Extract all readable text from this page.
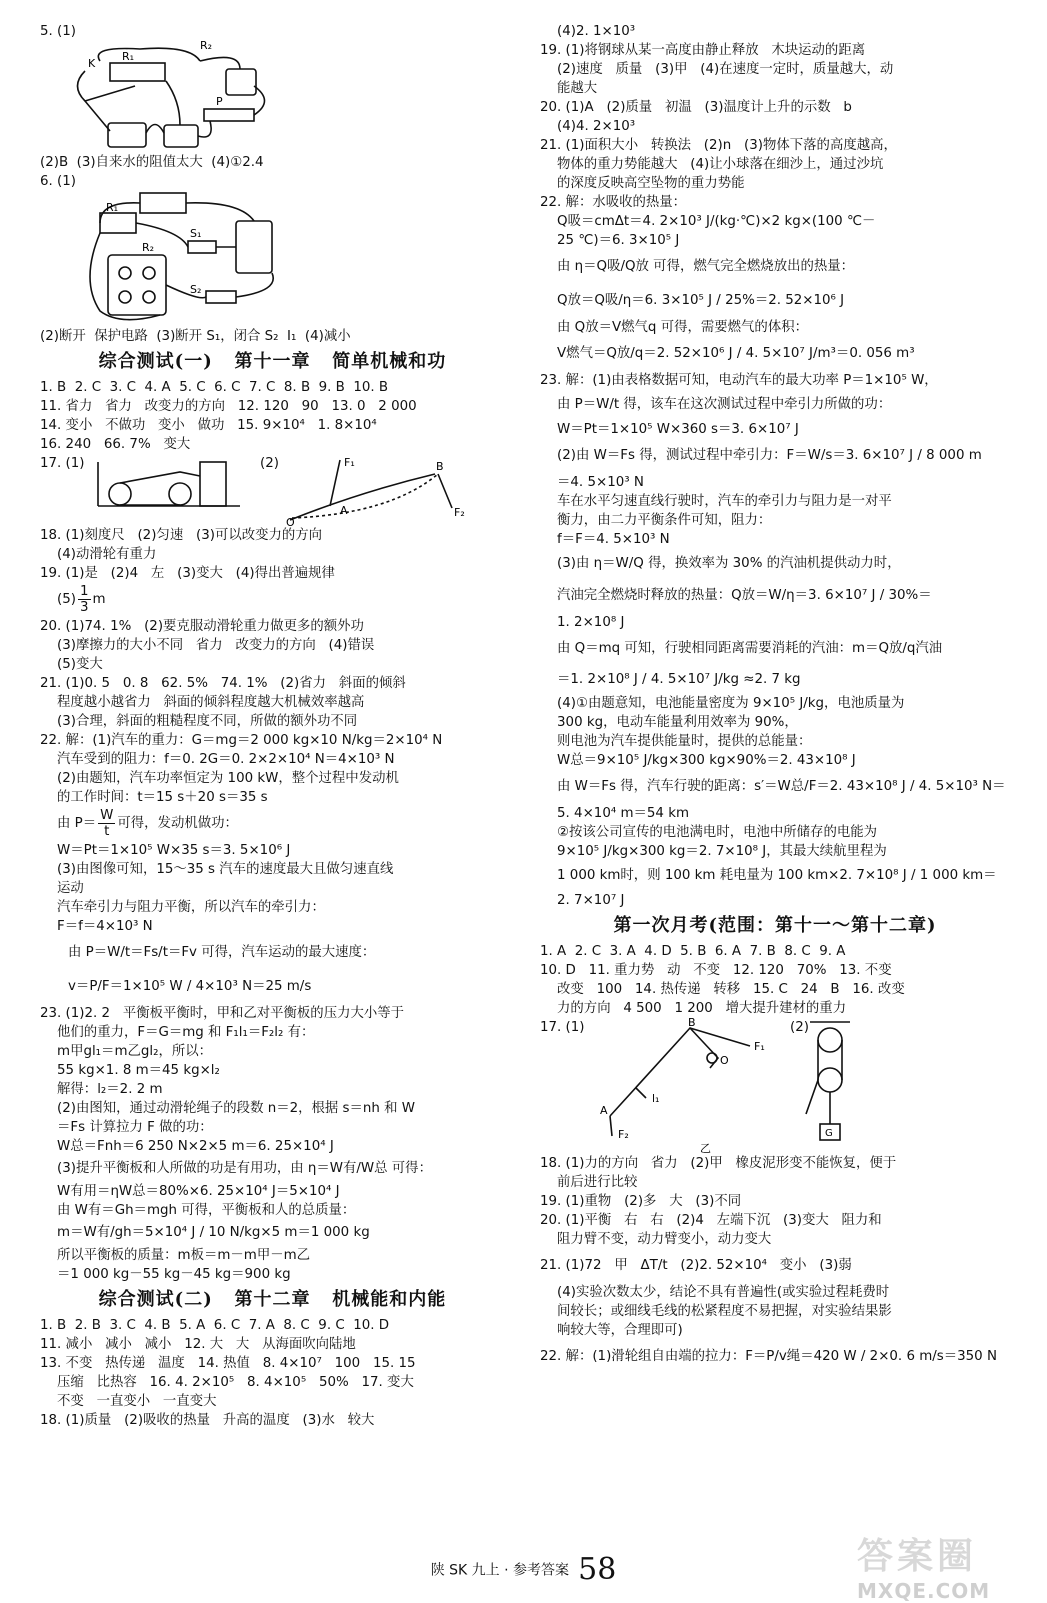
5. (1)
K
R₁
R₂
P
(2)B  (3)自来水的阻值太大  (4)①2.4
6. (1)
R₁
R₂
S₁
S₂
(2)断开  保护电路  (3)断开 S₁，闭合 S₂  I₁  (4)减小
综合测试(一)   第十一章   简单机械和功
1. B  2. C  3. C  4. A  5. C  6. C  7. C  8. B  9. B  10. B
11. 省力   省力   改变力的方向   12. 120   90   13. 0   2 000
14. 变小   不做功   变小   做功   15. 9×10⁴   1. 8×10⁴
16. 240   66. 7%   变大
17. (1)	(2)	F₁	B
A
O
F₂
18. (1)刻度尺   (2)匀速   (3)可以改变力的方向
(4)动滑轮有重力
19. (1)是   (2)4   左   (3)变大   (4)得出普遍规律
$(5) \frac{1}{3}$ m
20. (1)74. 1%   (2)要克服动滑轮重力做更多的额外功
(3)摩擦力的大小不同   省力   改变力的方向   (4)错误
(5)变大
21. (1)0. 5   0. 8   62. 5%   74. 1%   (2)省力   斜面的倾斜
程度越小越省力   斜面的倾斜程度越大机械效率越高
(3)合理，斜面的粗糙程度不同，所做的额外功不同
22. 解：(1)汽车的重力：G＝mg＝2 000 kg×10 N/kg＝2×10⁴ N
汽车受到的阻力：f＝0. 2G＝0. 2×2×10⁴ N＝4×10³ N
(2)由题知，汽车功率恒定为 100 kW，整个过程中发动机
的工作时间：t＝15 s＋20 s＝35 s
由 $P= \frac{W}{t}$ 可得，发动机做功：
W＝Pt＝1×10⁵ W×35 s＝3. 5×10⁶ J
(3)由图像可知，15～35 s 汽车的速度最大且做匀速直线
运动
汽车牵引力与阻力平衡，所以汽车的牵引力：
F＝f＝4×10³ N
由 P＝W/t＝Fs/t＝Fv 可得，汽车运动的最大速度：
v＝P/F＝1×10⁵ W / 4×10³ N＝25 m/s
23. (1)2. 2   平衡板平衡时，甲和乙对平衡板的压力大小等于
他们的重力，F＝G＝mg 和 F₁l₁＝F₂l₂ 有：
m甲gl₁＝m乙gl₂，所以：
55 kg×1. 8 m＝45 kg×l₂
解得：l₂＝2. 2 m
(2)由图知，通过动滑轮绳子的段数 n＝2，根据 s＝nh 和 W
＝Fs 计算拉力 F 做的功：
W总＝Fnh＝6 250 N×2×5 m＝6. 25×10⁴ J
(3)提升平衡板和人所做的功是有用功，由 η＝W有/W总 可得：
W有用＝ηW总＝80%×6. 25×10⁴ J＝5×10⁴ J
由 W有＝Gh＝mgh 可得，平衡板和人的总质量：
m＝W有/gh＝5×10⁴ J / 10 N/kg×5 m＝1 000 kg
所以平衡板的质量：m板＝m－m甲－m乙
＝1 000 kg－55 kg－45 kg＝900 kg
综合测试(二)   第十二章   机械能和内能
1. B  2. B  3. C  4. B  5. A  6. C  7. A  8. C  9. C  10. D
11. 减小   减小   减小   12. 大   大   从海面吹向陆地
13. 不变   热传递   温度   14. 热值   8. 4×10⁷   100   15. 15
压缩   比热容   16. 4. 2×10⁵   8. 4×10⁵   50%   17. 变大
不变   一直变小   一直变大
18. (1)质量   (2)吸收的热量   升高的温度   (3)水   较大
(4)2. 1×10³
19. (1)将钢球从某一高度由静止释放   木块运动的距离
(2)速度   质量   (3)甲   (4)在速度一定时，质量越大，动
能越大
20. (1)A   (2)质量   初温   (3)温度计上升的示数   b
(4)4. 2×10³
21. (1)面积大小   转换法   (2)n   (3)物体下落的高度越高，
物体的重力势能越大   (4)让小球落在细沙上，通过沙坑
的深度反映高空坠物的重力势能
22. 解：水吸收的热量：
Q吸＝cmΔt＝4. 2×10³ J/(kg·℃)×2 kg×(100 ℃－
25 ℃)＝6. 3×10⁵ J
由 η＝Q吸/Q放 可得，燃气完全燃烧放出的热量：
Q放＝Q吸/η＝6. 3×10⁵ J / 25%＝2. 52×10⁶ J
由 Q放＝V燃气q 可得，需要燃气的体积：
V燃气＝Q放/q＝2. 52×10⁶ J / 4. 5×10⁷ J/m³＝0. 056 m³
23. 解：(1)由表格数据可知，电动汽车的最大功率 P＝1×10⁵ W，
由 P＝W/t 得，该车在这次测试过程中牵引力所做的功：
W＝Pt＝1×10⁵ W×360 s＝3. 6×10⁷ J
(2)由 W＝Fs 得，测试过程中牵引力：F＝W/s＝3. 6×10⁷ J / 8 000 m
＝4. 5×10³ N
车在水平匀速直线行驶时，汽车的牵引力与阻力是一对平
衡力，由二力平衡条件可知，阻力：
f＝F＝4. 5×10³ N
(3)由 η＝W/Q 得，换效率为 30% 的汽油机提供动力时，
汽油完全燃烧时释放的热量：Q放＝W/η＝3. 6×10⁷ J / 30%＝
1. 2×10⁸ J
由 Q＝mq 可知，行驶相同距离需要消耗的汽油：m＝Q放/q汽油
＝1. 2×10⁸ J / 4. 5×10⁷ J/kg ≈2. 7 kg
(4)①由题意知，电池能量密度为 9×10⁵ J/kg，电池质量为
300 kg，电动车能量利用效率为 90%，
则电池为汽车提供能量时，提供的总能量：
W总＝9×10⁵ J/kg×300 kg×90%＝2. 43×10⁸ J
由 W＝Fs 得，汽车行驶的距离：s′＝W总/F＝2. 43×10⁸ J / 4. 5×10³ N＝
5. 4×10⁴ m＝54 km
②按该公司宣传的电池满电时，电池中所储存的电能为
9×10⁵ J/kg×300 kg＝2. 7×10⁸ J，其最大续航里程为
1 000 km时，则 100 km 耗电量为 100 km×2. 7×10⁸ J / 1 000 km＝
2. 7×10⁷ J
第一次月考(范围：第十一～第十二章)
1. A  2. C  3. A  4. D  5. B  6. A  7. B  8. C  9. A
10. D   11. 重力势   动   不变   12. 120   70%   13. 不变
改变   100   14. 热传递   转移   15. C   24   B   16. 改变
力的方向   4 500   1 200   增大提升建材的重力
17. (1)	(2)
B
F₁
O
A
l₁
F₂	G
乙
18. (1)力的方向   省力   (2)甲   橡皮泥形变不能恢复，便于
前后进行比较
19. (1)重物   (2)多   大   (3)不同
20. (1)平衡   右   右   (2)4   左端下沉   (3)变大   阻力和
阻力臂不变，动力臂变小，动力变大
21. (1)72   甲   ΔT/t   (2)2. 52×10⁴   变小   (3)弱
(4)实验次数太少，结论不具有普遍性(或实验过程耗费时
间较长；或细线毛线的松紧程度不易把握，对实验结果影
响较大等，合理即可)
22. 解：(1)滑轮组自由端的拉力：F＝P/v绳＝420 W / 2×0. 6 m/s＝350 N
陕 SK 九上 · 参考答案 58	答案圈
MXQE.COM
